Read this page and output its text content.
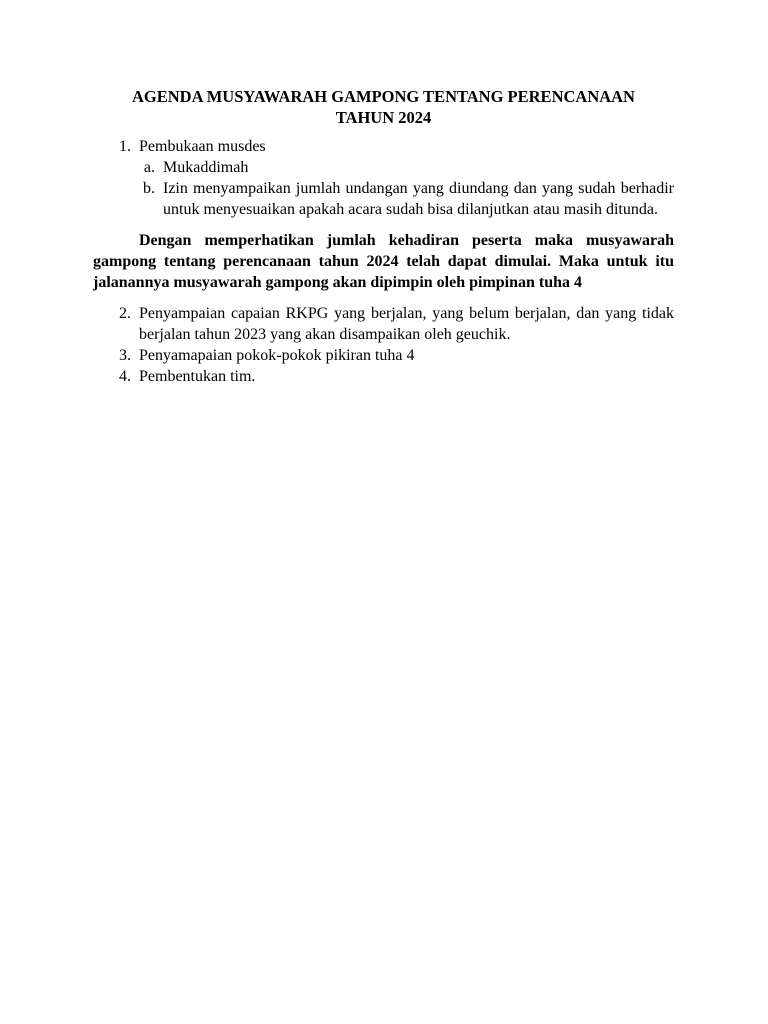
AGENDA MUSYAWARAH GAMPONG TENTANG PERENCANAAN
TAHUN 2024
1. Pembukaan musdes
a. Mukaddimah
b. Izin menyampaikan jumlah undangan yang diundang dan yang sudah berhadir untuk menyesuaikan apakah acara sudah bisa dilanjutkan atau masih ditunda.

Dengan memperhatikan jumlah kehadiran peserta maka musyawarah gampong tentang perencanaan tahun 2024 telah dapat dimulai. Maka untuk itu jalanannya musyawarah gampong akan dipimpin oleh pimpinan tuha 4

2. Penyampaian capaian RKPG yang berjalan, yang belum berjalan, dan yang tidak berjalan tahun 2023 yang akan disampaikan oleh geuchik.
3. Penyamapaian pokok-pokok pikiran tuha 4
4. Pembentukan tim.
